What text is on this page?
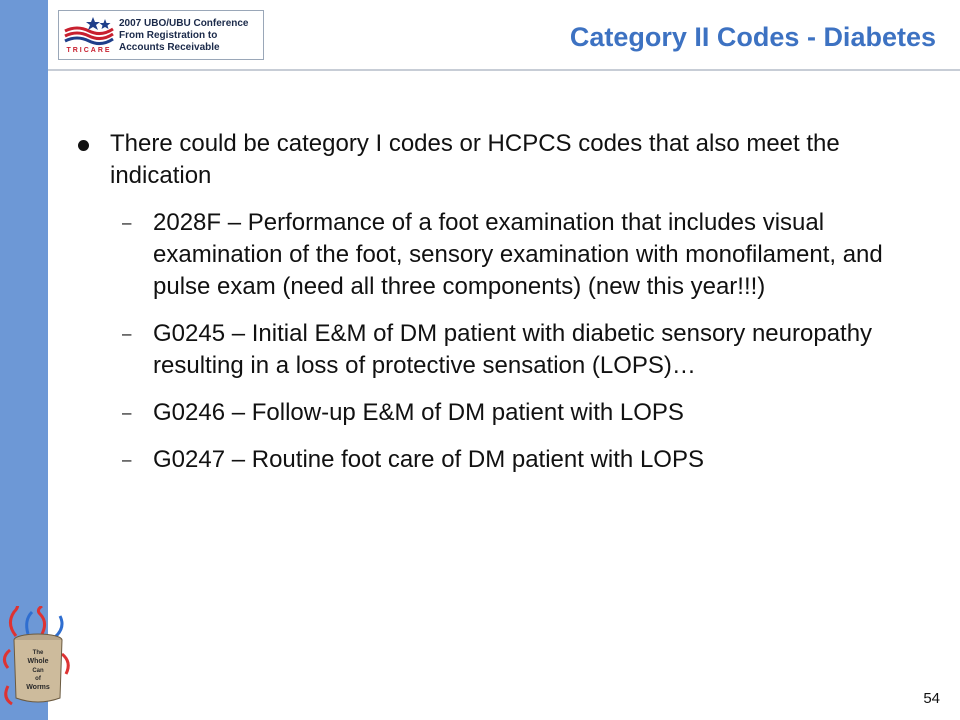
TRICARE
2007 UBO/UBU Conference
From Registration to
Accounts Receivable	Category II Codes - Diabetes
There could be category I codes or HCPCS codes that also meet the indication
– 2028F – Performance of a foot examination that includes visual examination of the foot, sensory examination with monofilament, and pulse exam (need all three components) (new this year!!!)
– G0245 – Initial E&M of DM patient with diabetic sensory neuropathy resulting in a loss of protective sensation (LOPS)…
– G0246 – Follow-up E&M of DM patient with LOPS
– G0247 – Routine foot care of DM patient with LOPS
The
Whole
Can
of
Worms
54
